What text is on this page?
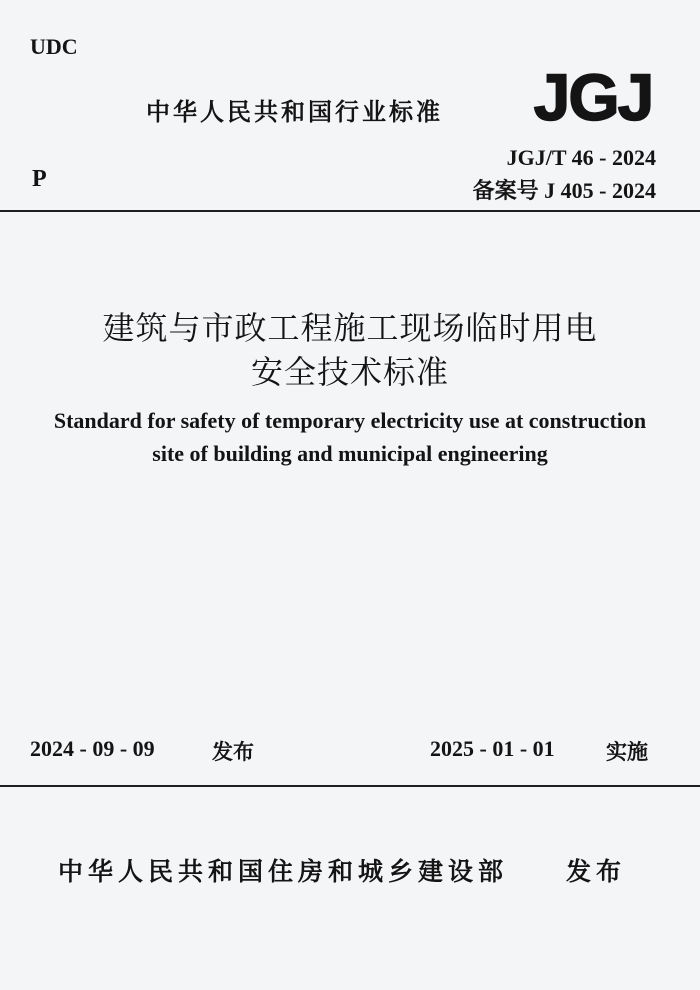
UDC
中华人民共和国行业标准 JGJ
P
JGJ/T 46 - 2024
备案号 J 405 - 2024
建筑与市政工程施工现场临时用电
安全技术标准
Standard for safety of temporary electricity use at construction
site of building and municipal engineering
2024 - 09 - 09	发布	2025 - 01 - 01 实施
中华人民共和国住房和城乡建设部 发布
